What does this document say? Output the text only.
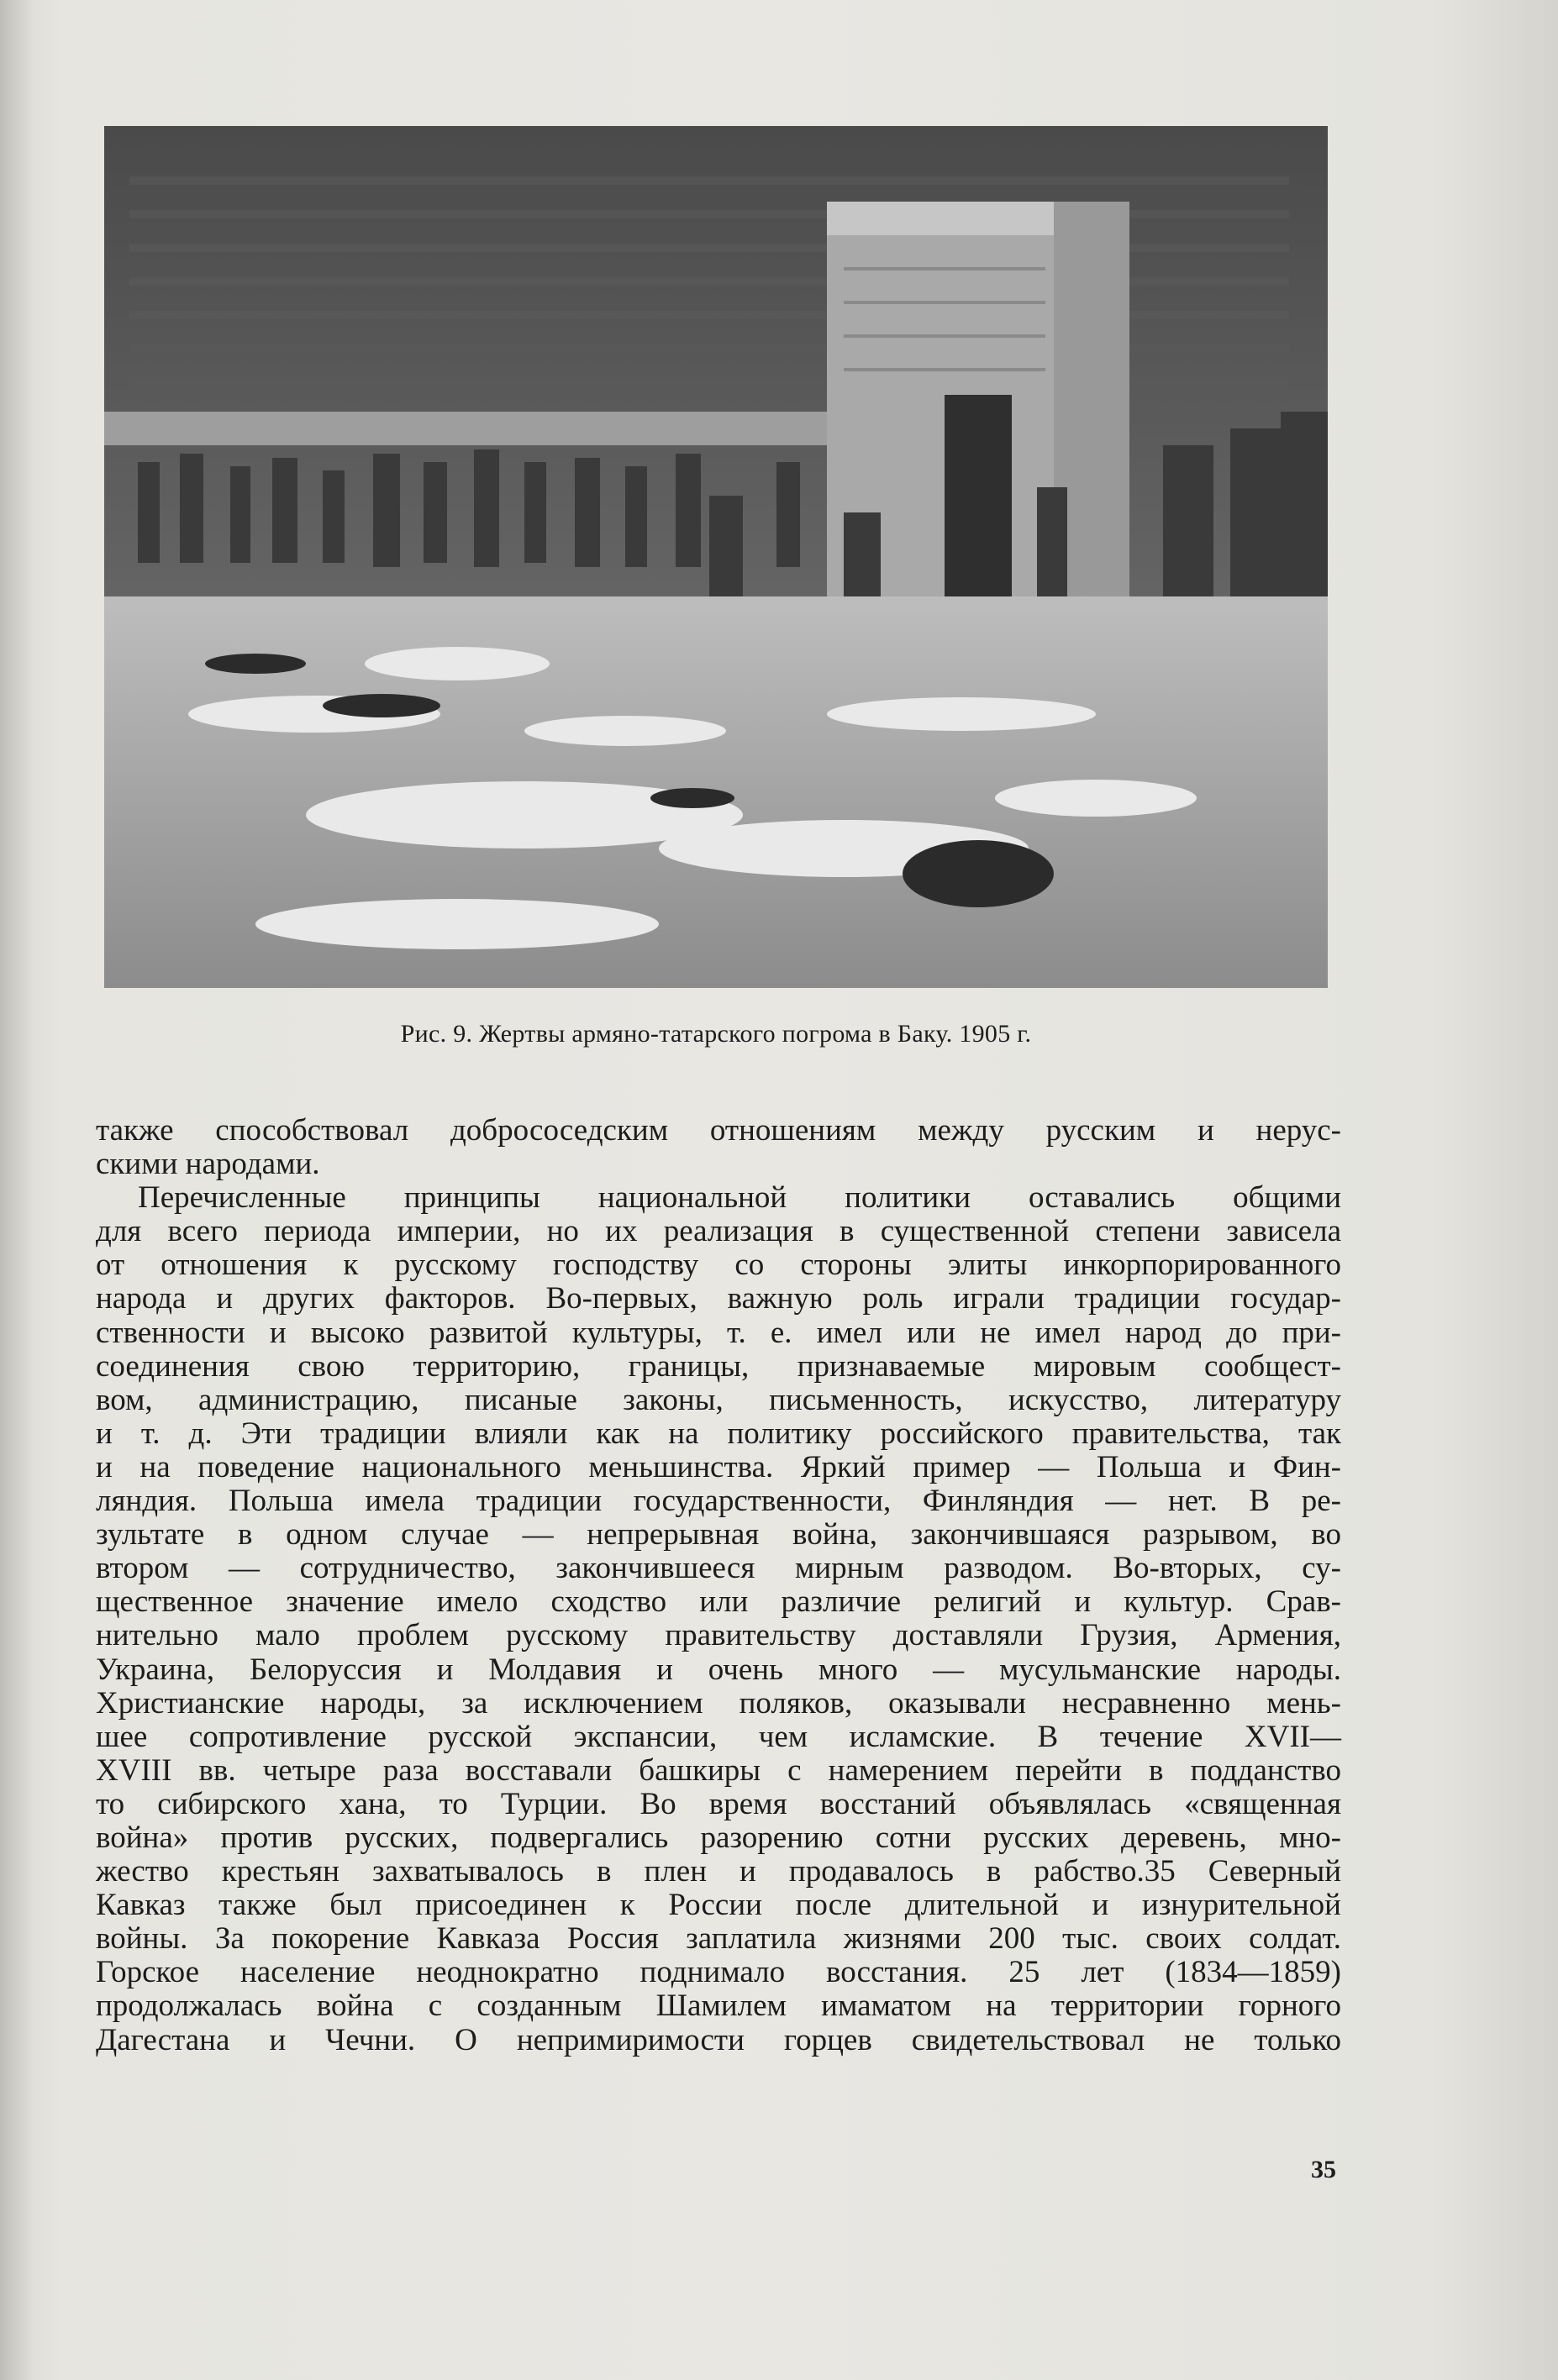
Рис. 9. Жертвы армяно-татарского погрома в Баку. 1905 г.
также способствовал добрососедским отношениям между русским и нерус-
скими народами.
Перечисленные принципы национальной политики оставались общими
для всего периода империи, но их реализация в существенной степени зависела
от отношения к русскому господству со стороны элиты инкорпорированного
народа и других факторов. Во-первых, важную роль играли традиции государ-
ственности и высоко развитой культуры, т. е. имел или не имел народ до при-
соединения свою территорию, границы, признаваемые мировым сообщест-
вом, администрацию, писаные законы, письменность, искусство, литературу
и т. д. Эти традиции влияли как на политику российского правительства, так
и на поведение национального меньшинства. Яркий пример — Польша и Фин-
ляндия. Польша имела традиции государственности, Финляндия — нет. В ре-
зультате в одном случае — непрерывная война, закончившаяся разрывом, во
втором — сотрудничество, закончившееся мирным разводом. Во-вторых, су-
щественное значение имело сходство или различие религий и культур. Срав-
нительно мало проблем русскому правительству доставляли Грузия, Армения,
Украина, Белоруссия и Молдавия и очень много — мусульманские народы.
Христианские народы, за исключением поляков, оказывали несравненно мень-
шее сопротивление русской экспансии, чем исламские. В течение XVII—
XVIII вв. четыре раза восставали башкиры с намерением перейти в подданство
то сибирского хана, то Турции. Во время восстаний объявлялась «священная
война» против русских, подвергались разорению сотни русских деревень, мно-
жество крестьян захватывалось в плен и продавалось в рабство.35 Северный
Кавказ также был присоединен к России после длительной и изнурительной
войны. За покорение Кавказа Россия заплатила жизнями 200 тыс. своих солдат.
Горское население неоднократно поднимало восстания. 25 лет (1834—1859)
продолжалась война с созданным Шамилем имаматом на территории горного
Дагестана и Чечни. О непримиримости горцев свидетельствовал не только
35
